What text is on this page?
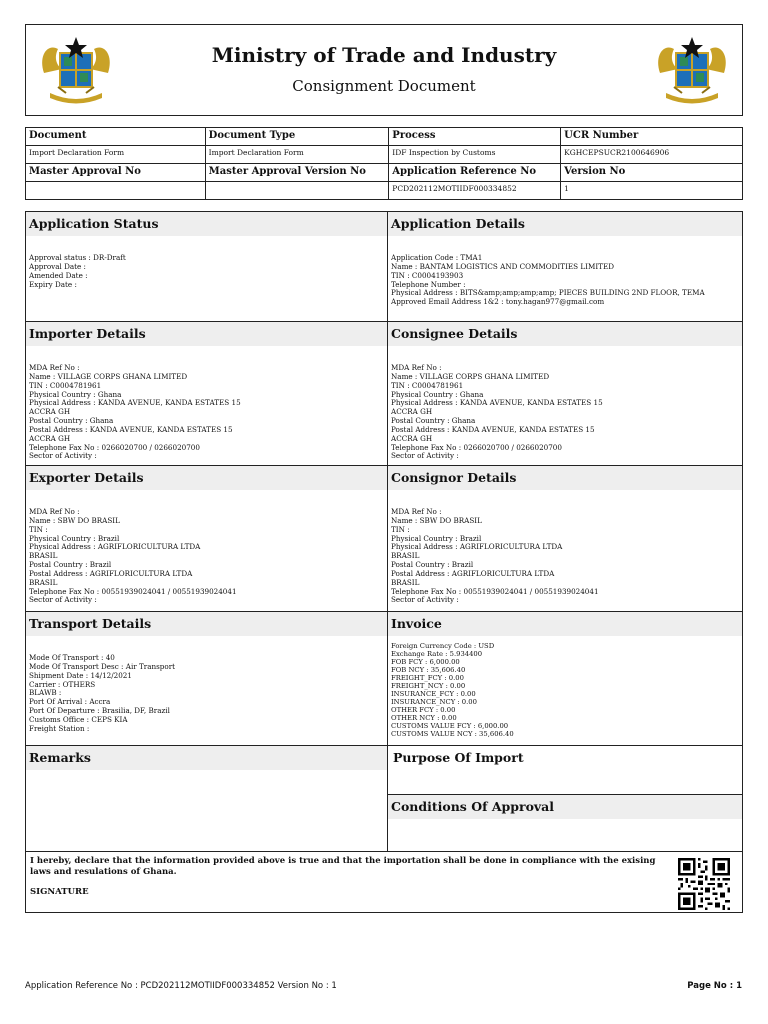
Ministry of Trade and Industry
Consignment Document
Document	Document Type	Process	UCR Number
Import Declaration Form	Import Declaration Form	IDF Inspection by Customs	KGHCEPSUCR2100646906
Master Approval No	Master Approval Version No	Application Reference No	Version No
		PCD202112MOTIIDF000334852	1
Application Status
Approval status : DR-Draft
Approval Date :
Amended Date :
Expiry Date :
Application Details
Application Code : TMA1
Name : BANTAM LOGISTICS AND COMMODITIES LIMITED
TIN : C0004193903
Telephone Number :
Physical Address : BITS&amp;amp;amp;amp; PIECES BUILDING 2ND FLOOR, TEMA
Approved Email Address 1&2 : tony.hagan977@gmail.com
Importer Details
MDA Ref No :
Name : VILLAGE CORPS GHANA LIMITED
TIN : C0004781961
Physical Country : Ghana
Physical Address : KANDA AVENUE, KANDA ESTATES 15
ACCRA GH
Postal Country : Ghana
Postal Address : KANDA AVENUE, KANDA ESTATES 15
ACCRA GH
Telephone Fax No : 0266020700 / 0266020700
Sector of Activity :
Consignee Details
MDA Ref No :
Name : VILLAGE CORPS GHANA LIMITED
TIN : C0004781961
Physical Country : Ghana
Physical Address : KANDA AVENUE, KANDA ESTATES 15
ACCRA GH
Postal Country : Ghana
Postal Address : KANDA AVENUE, KANDA ESTATES 15
ACCRA GH
Telephone Fax No : 0266020700 / 0266020700
Sector of Activity :
Exporter Details
MDA Ref No :
Name : SBW DO BRASIL
TIN :
Physical Country : Brazil
Physical Address : AGRIFLORICULTURA LTDA
BRASIL
Postal Country : Brazil
Postal Address : AGRIFLORICULTURA LTDA
BRASIL
Telephone Fax No : 00551939024041 / 00551939024041
Sector of Activity :
Consignor Details
MDA Ref No :
Name : SBW DO BRASIL
TIN :
Physical Country : Brazil
Physical Address : AGRIFLORICULTURA LTDA
BRASIL
Postal Country : Brazil
Postal Address : AGRIFLORICULTURA LTDA
BRASIL
Telephone Fax No : 00551939024041 / 00551939024041
Sector of Activity :
Transport Details
Mode Of Transport : 40
Mode Of Transport Desc : Air Transport
Shipment Date : 14/12/2021
Carrier : OTHERS
BLAWB :
Port Of Arrival : Accra
Port Of Departure : Brasilia, DF, Brazil
Customs Office : CEPS KIA
Freight Station :
Invoice
Foreign Currency Code : USD
Exchange Rate : 5.934400
FOB FCY : 6,000.00
FOB NCY : 35,606.40
FREIGHT_FCY : 0.00
FREIGHT_NCY : 0.00
INSURANCE_FCY : 0.00
INSURANCE_NCY : 0.00
OTHER FCY : 0.00
OTHER NCY : 0.00
CUSTOMS VALUE FCY : 6,000.00
CUSTOMS VALUE NCY : 35,606.40
Remarks	Purpose Of Import
Conditions Of Approval
I hereby, declare that the information provided above is true and that the importation shall be done in compliance with the exising laws and resulations of Ghana.
SIGNATURE
Application Reference No : PCD202112MOTIIDF000334852 Version No : 1	Page No : 1
